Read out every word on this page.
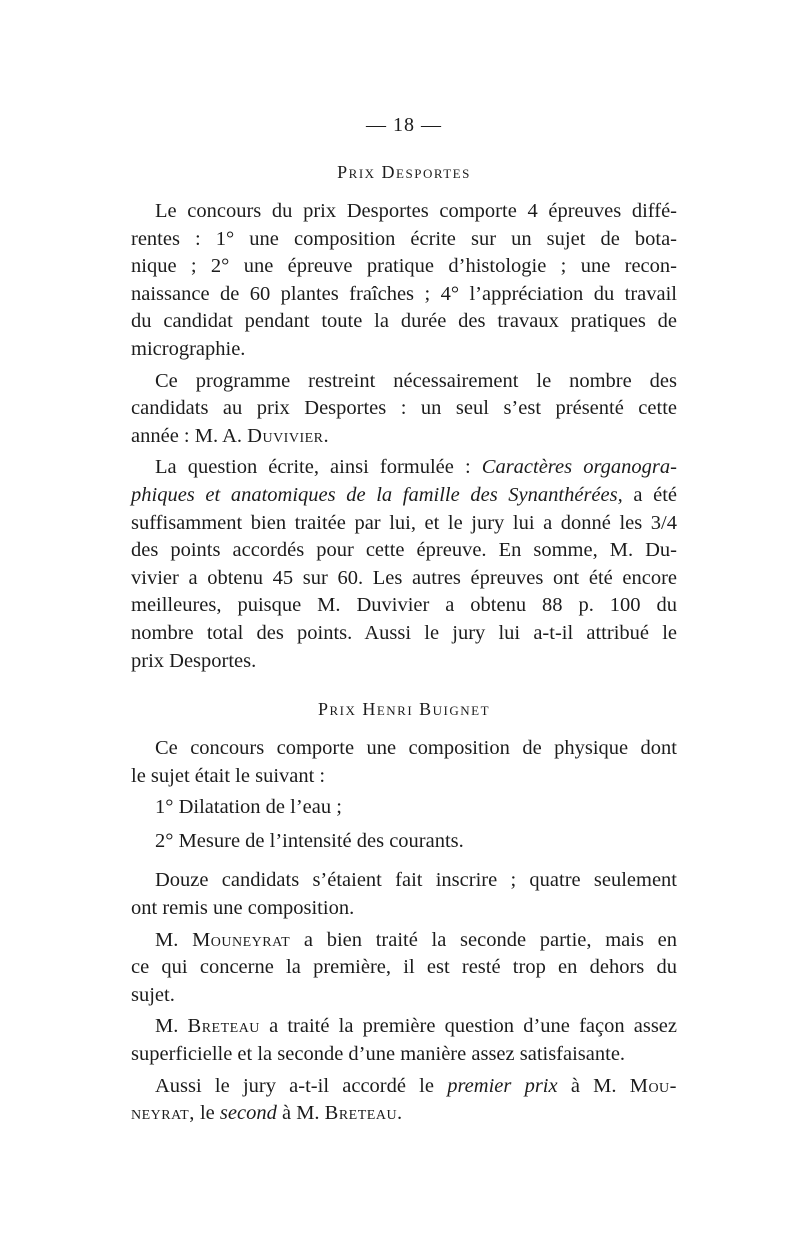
— 18 —
Prix Desportes
Le concours du prix Desportes comporte 4 épreuves diffé-
rentes : 1° une composition écrite sur un sujet de bota-
nique ; 2° une épreuve pratique d’histologie ; une recon-
naissance de 60 plantes fraîches ; 4° l’appréciation du travail
du candidat pendant toute la durée des travaux pratiques de
micrographie.
Ce programme restreint nécessairement le nombre des
candidats au prix Desportes : un seul s’est présenté cette
année : M. A. Duvivier.
La question écrite, ainsi formulée : Caractères organogra-
phiques et anatomiques de la famille des Synanthérées, a été
suffisamment bien traitée par lui, et le jury lui a donné les 3/4
des points accordés pour cette épreuve. En somme, M. Du-
vivier a obtenu 45 sur 60. Les autres épreuves ont été encore
meilleures, puisque M. Duvivier a obtenu 88 p. 100 du
nombre total des points. Aussi le jury lui a-t-il attribué le
prix Desportes.
Prix Henri Buignet
Ce concours comporte une composition de physique dont
le sujet était le suivant :
1° Dilatation de l’eau ;
2° Mesure de l’intensité des courants.
Douze candidats s’étaient fait inscrire ; quatre seulement
ont remis une composition.
M. Mouneyrat a bien traité la seconde partie, mais en
ce qui concerne la première, il est resté trop en dehors du
sujet.
M. Breteau a traité la première question d’une façon assez
superficielle et la seconde d’une manière assez satisfaisante.
Aussi le jury a-t-il accordé le premier prix à M. Mou-
neyrat, le second à M. Breteau.
